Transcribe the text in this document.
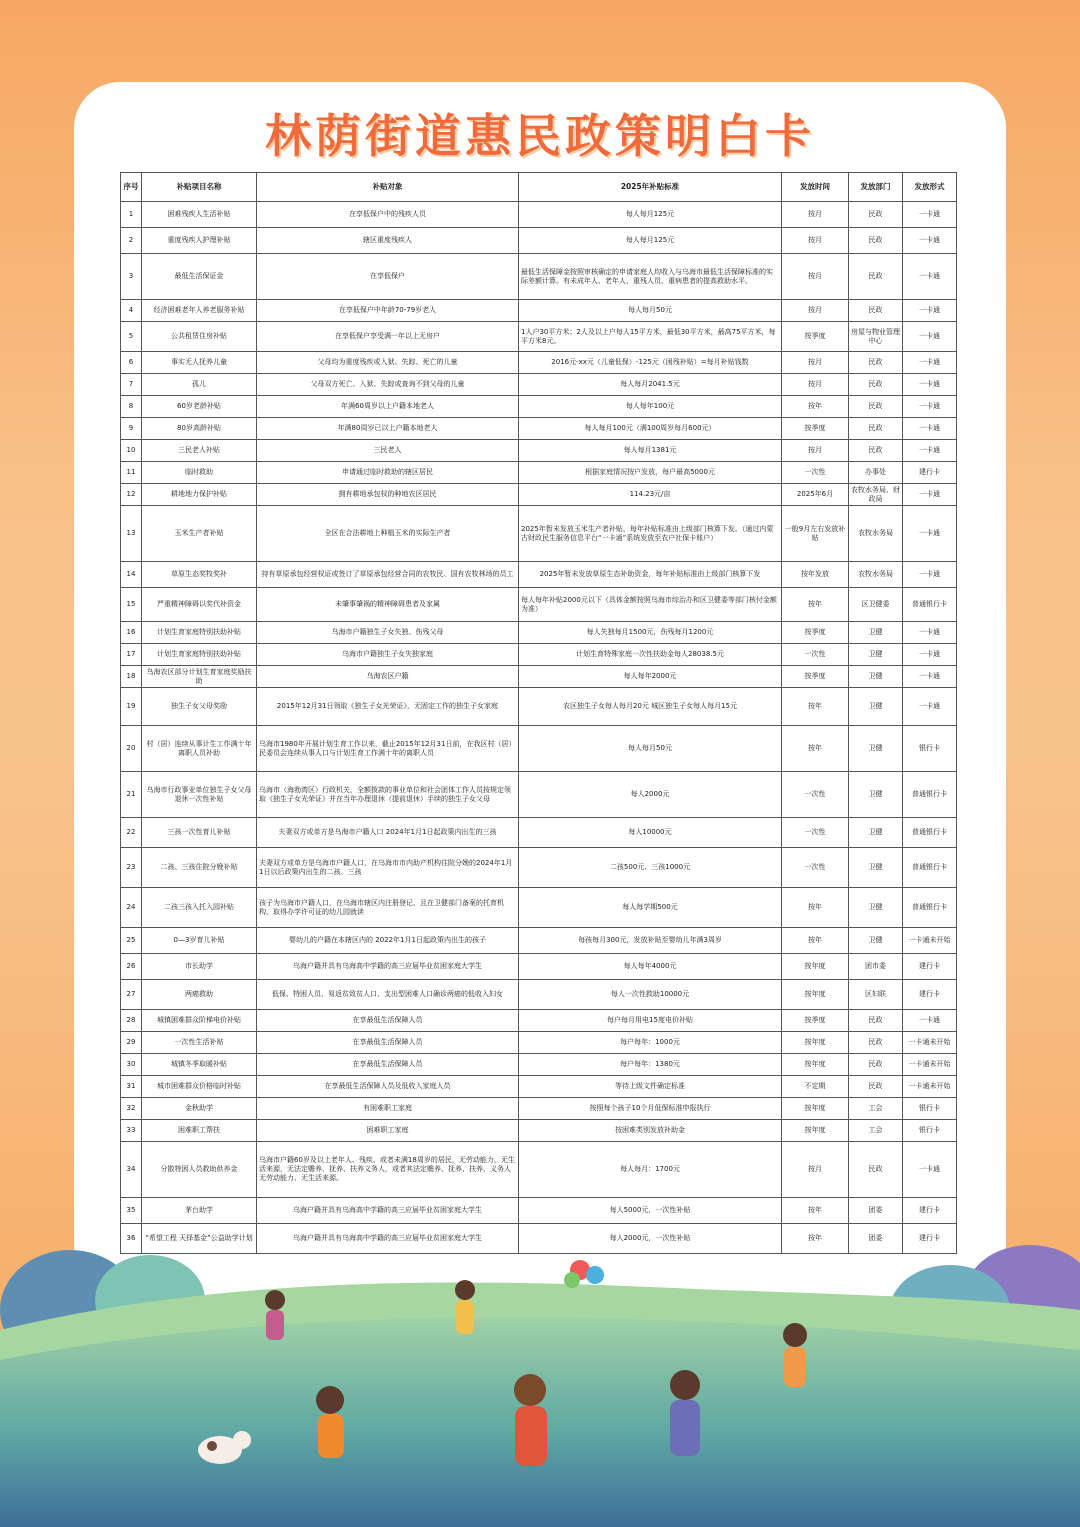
林荫街道惠民政策明白卡
序号	补贴项目名称	补贴对象	2025年补贴标准	发放时间	发放部门	发放形式
1	困难残疾人生活补贴	在享低保户中的残疾人员	每人每月125元	按月	民政	一卡通
2	重度残疾人护理补贴	辖区重度残疾人	每人每月125元	按月	民政	一卡通
3	最低生活保证金	在享低保户	最低生活保障金按照审核确定的申请家庭人均收入与乌海市最低生活保障标准的实际差额计算。有未成年人、老年人、重残人员、重病患者的提高救助水平。	按月	民政	一卡通
4	经济困难老年人养老服务补贴	在享低保户中年龄70-79岁老人	每人每月50元	按月	民政	一卡通
5	公共租赁住房补贴	在享低保户享受满一年以上无房户	1人户30平方米；2人及以上户每人15平方米，最低30平方米，最高75平方米，每平方米8元。	按季度	房屋与物业管理中心	一卡通
6	事实无人抚养儿童	父母均为重度残疾或入狱、失踪、死亡的儿童	2016元-xx元（儿童低保）-125元（困残补贴）=每月补贴钱数	按月	民政	一卡通
7	孤儿	父母双方死亡、入狱、失踪或查询不到父母的儿童	每人每月2041.5元	按月	民政	一卡通
8	60岁老龄补贴	年满60周岁以上户籍本地老人	每人每年100元	按年	民政	一卡通
9	80岁高龄补贴	年满80周岁已以上户籍本地老人	每人每月100元（满100周岁每月600元）	按季度	民政	一卡通
10	三民老人补贴	三民老人	每人每月1381元	按月	民政	一卡通
11	临时救助	申请通过临时救助的辖区居民	根据家庭情况按户发放，每户最高5000元	一次性	办事处	建行卡
12	耕地地力保护补贴	拥有耕地承包权的种地农区居民	114.23元/亩	2025年6月	农牧水务局、财政局	一卡通
13	玉米生产者补贴	全区在合法耕地上种植玉米的实际生产者	2025年暂未发放玉米生产者补贴，每年补贴标准由上级部门核算下发。（通过内蒙古财政民生服务信息平台“一卡通”系统发放至农户社保卡账户）	一般9月左右发放补贴	农牧水务局	一卡通
14	草原生态奖牧奖补	持有草原承包经营权证或签订了草原承包经营合同的农牧民、国有农牧林场的员工	2025年暂未发放草原生态补助资金，每年补贴标准由上级部门核算下发	按年发放	农牧水务局	一卡通
15	严重精神障碍以奖代补资金	未肇事肇祸的精神障碍患者及家属	每人每年补贴2000元以下（具体金额按照乌海市综治办和区卫健委等部门核付金额为准）	按年	区卫健委	普通银行卡
16	计划生育家庭特别扶助补贴	乌海市户籍独生子女失独、伤残父母	每人失独每月1500元，伤残每月1200元	按季度	卫健	一卡通
17	计划生育家庭特别扶助补贴	乌海市户籍独生子女失独家庭	计划生育特殊家庭一次性扶助金每人28038.5元	一次性	卫健	一卡通
18	乌海农区部分计划生育家庭奖励扶助	乌海农区户籍	每人每年2000元	按季度	卫健	一卡通
19	独生子女父母奖励	2015年12月31日领取《独生子女光荣证》，无固定工作的独生子女家庭	农区独生子女每人每月20元 城区独生子女每人每月15元	按年	卫健	一卡通
20	村（居）连续从事计生工作满十年离职人员补助	乌海市1980年开展计划生育工作以来，截止2015年12月31日前，在我区村（居）民委员会连续从事人口与计划生育工作满十年的离职人员	每人每月50元	按年	卫健	银行卡
21	乌海市行政事业单位独生子女父母退休一次性补贴	乌海市（海勃湾区）行政机关，全额拨款的事业单位和社会团体工作人员按规定领取《独生子女光荣证》并在当年办理退休（提前退休）手续的独生子女父母	每人2000元	一次性	卫健	普通银行卡
22	三孩一次性育儿补贴	夫妻双方或单方是乌海市户籍人口 2024年1月1日起政策内出生的三孩	每人10000元	一次性	卫健	普通银行卡
23	二孩、三孩住院分娩补贴	夫妻双方或单方是乌海市户籍人口，在乌海市市内助产机构住院分娩的2024年1月1日以后政策内出生的二孩、三孩	二孩500元、三孩1000元	一次性	卫健	普通银行卡
24	二孩三孩入托入园补贴	孩子为乌海市户籍人口，在乌海市辖区内注册登记，且在卫健部门备案的托育机构、取得办学许可证的幼儿园就读	每人每学期500元	按年	卫健	普通银行卡
25	0—3岁育儿补贴	婴幼儿的户籍在本辖区内的 2022年1月1日起政策内出生的孩子	每孩每月300元，发放补贴至婴幼儿年满3周岁	按年	卫健	一卡通未开始
26	市长助学	乌海户籍并具有乌海高中学籍的高三应届毕业贫困家庭大学生	每人每年4000元	按年度	团市委	建行卡
27	两癌救助	低保、特困人员、易返贫致贫人口、支出型困难人口确诊两癌的低收入妇女	每人一次性救助10000元	按年度	区妇联	建行卡
28	城镇困难群众阶梯电价补贴	在享最低生活保障人员	每户每月用电15度电价补贴	按季度	民政	一卡通
29	一次性生活补贴	在享最低生活保障人员	每户每年：1000元	按年度	民政	一卡通未开始
30	城镇冬季取暖补贴	在享最低生活保障人员	每户每年：1380元	按年度	民政	一卡通未开始
31	城市困难群众价格临时补贴	在享最低生活保障人员及低收入家庭人员	等待上级文件确定标准	不定期	民政	一卡通未开始
32	金秋助学	有困难职工家庭	按照每个孩子10个月低保标准申报执行	按年度	工会	银行卡
33	困难职工帮扶	困难职工家庭	按困难类别发放补助金	按年度	工会	银行卡
34	分散特困人员救助供养金	乌海市户籍60岁及以上老年人、残疾、或者未满18周岁的居民，无劳动能力，无生活来源，无法定赡养、抚养、扶养义务人，或者其法定赡养、抚养、扶养、义务人无劳动能力、无生活来源。	每人每月：1700元	按月	民政	一卡通
35	茅台助学	乌海户籍并具有乌海高中学籍的高三应届毕业贫困家庭大学生	每人5000元，一次性补贴	按年	团委	建行卡
36	“希望工程 天择基金”公益助学计划	乌海户籍并具有乌海高中学籍的高三应届毕业贫困家庭大学生	每人2000元，一次性补贴	按年	团委	建行卡
